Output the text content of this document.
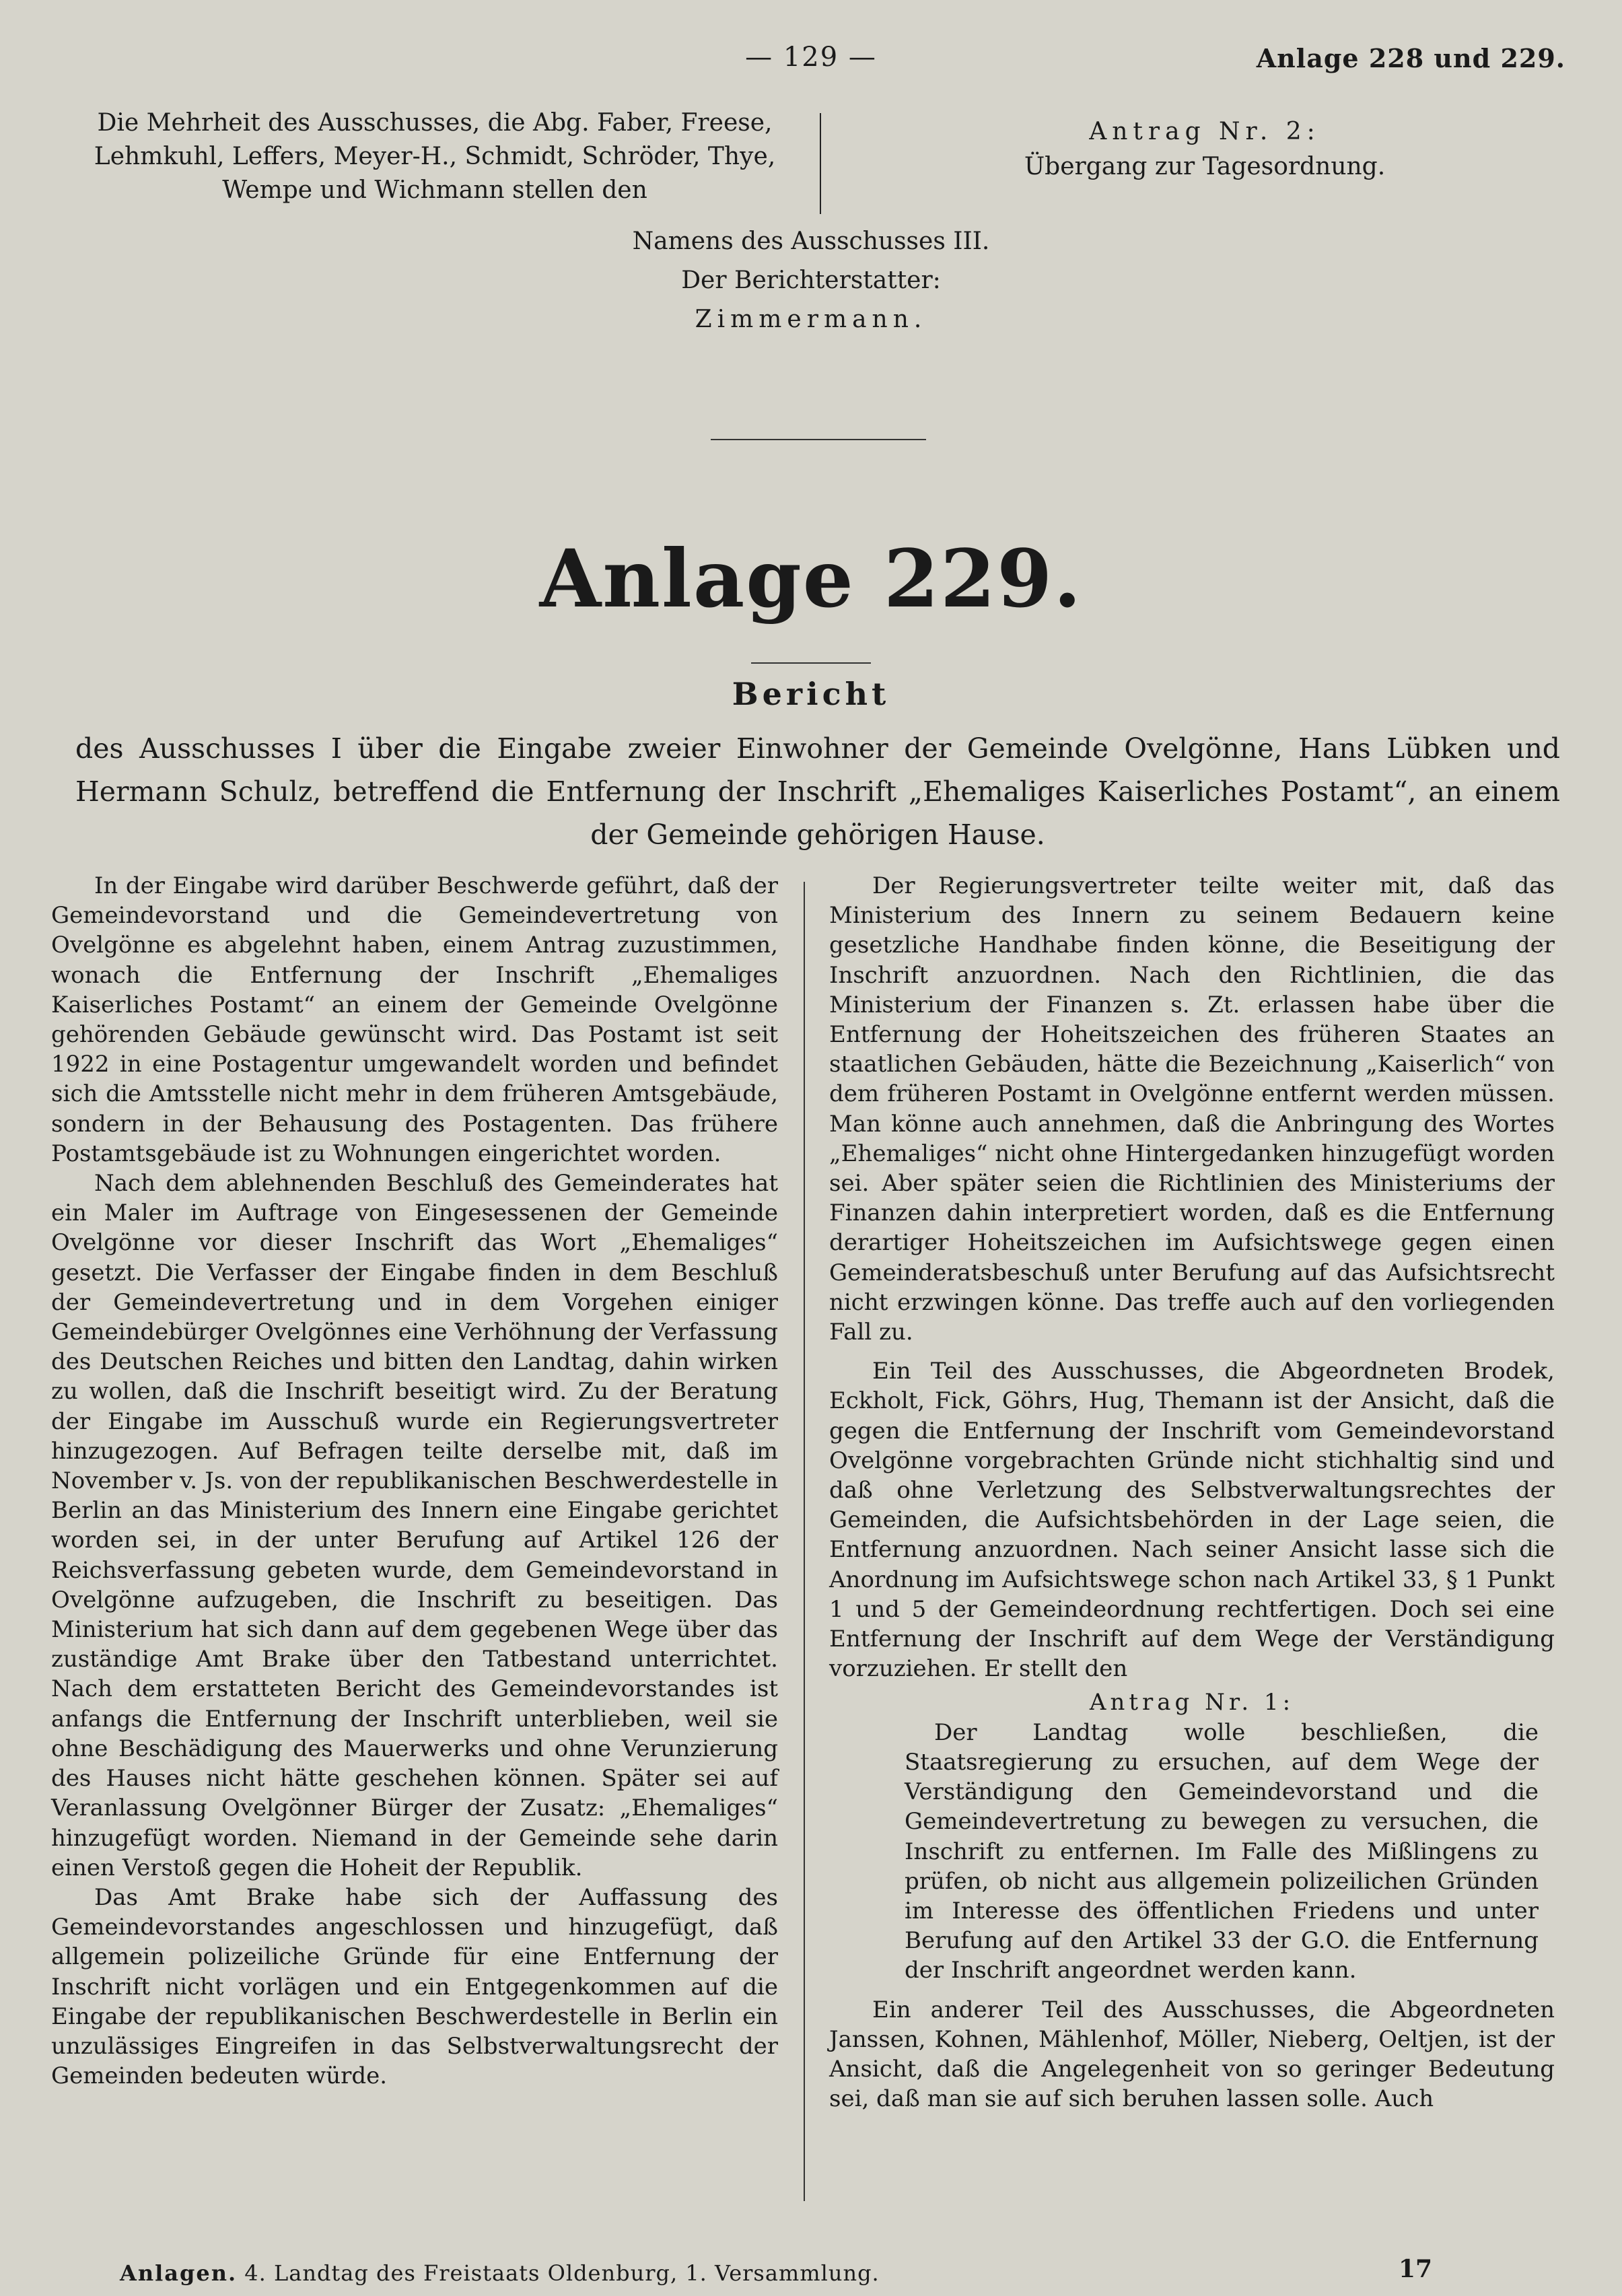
— 129 —	Anlage 228 und 229.
Die Mehrheit des Ausschusses, die Abg. Faber, Freese, Lehmkuhl, Leffers, Meyer-H., Schmidt, Schröder, Thye, Wempe und Wichmann stellen den
Antrag Nr. 2:
Übergang zur Tagesordnung.
Namens des Ausschusses III.
Der Berichterstatter:
Zimmermann.
Anlage 229.
Bericht
des Ausschusses I über die Eingabe zweier Einwohner der Gemeinde Ovelgönne, Hans Lübken und Hermann Schulz, betreffend die Entfernung der Inschrift „Ehemaliges Kaiserliches Postamt“, an einem der Gemeinde gehörigen Hause.

In der Eingabe wird darüber Beschwerde geführt, daß der Gemeindevorstand und die Gemeindevertretung von Ovelgönne es abgelehnt haben, einem Antrag zuzustimmen, wonach die Entfernung der Inschrift „Ehemaliges Kaiserliches Postamt“ an einem der Gemeinde Ovelgönne gehörenden Gebäude gewünscht wird. Das Postamt ist seit 1922 in eine Postagentur umgewandelt worden und befindet sich die Amtsstelle nicht mehr in dem früheren Amtsgebäude, sondern in der Behausung des Postagenten. Das frühere Postamtsgebäude ist zu Wohnungen eingerichtet worden.

Nach dem ablehnenden Beschluß des Gemeinderates hat ein Maler im Auftrage von Eingesessenen der Gemeinde Ovelgönne vor dieser Inschrift das Wort „Ehemaliges“ gesetzt. Die Verfasser der Eingabe finden in dem Beschluß der Gemeindevertretung und in dem Vorgehen einiger Gemeindebürger Ovelgönnes eine Verhöhnung der Verfassung des Deutschen Reiches und bitten den Landtag, dahin wirken zu wollen, daß die Inschrift beseitigt wird. Zu der Beratung der Eingabe im Ausschuß wurde ein Regierungsvertreter hinzugezogen. Auf Befragen teilte derselbe mit, daß im November v. Js. von der republikanischen Beschwerdestelle in Berlin an das Ministerium des Innern eine Eingabe gerichtet worden sei, in der unter Berufung auf Artikel 126 der Reichsverfassung gebeten wurde, dem Gemeindevorstand in Ovelgönne aufzugeben, die Inschrift zu beseitigen. Das Ministerium hat sich dann auf dem gegebenen Wege über das zuständige Amt Brake über den Tatbestand unterrichtet. Nach dem erstatteten Bericht des Gemeindevorstandes ist anfangs die Entfernung der Inschrift unterblieben, weil sie ohne Beschädigung des Mauerwerks und ohne Verunzierung des Hauses nicht hätte geschehen können. Später sei auf Veranlassung Ovelgönner Bürger der Zusatz: „Ehemaliges“ hinzugefügt worden. Niemand in der Gemeinde sehe darin einen Verstoß gegen die Hoheit der Republik.

Das Amt Brake habe sich der Auffassung des Gemeindevorstandes angeschlossen und hinzugefügt, daß allgemein polizeiliche Gründe für eine Entfernung der Inschrift nicht vorlägen und ein Entgegenkommen auf die Eingabe der republikanischen Beschwerdestelle in Berlin ein unzulässiges Eingreifen in das Selbstverwaltungsrecht der Gemeinden bedeuten würde.

Der Regierungsvertreter teilte weiter mit, daß das Ministerium des Innern zu seinem Bedauern keine gesetzliche Handhabe finden könne, die Beseitigung der Inschrift anzuordnen. Nach den Richtlinien, die das Ministerium der Finanzen s. Zt. erlassen habe über die Entfernung der Hoheitszeichen des früheren Staates an staatlichen Gebäuden, hätte die Bezeichnung „Kaiserlich“ von dem früheren Postamt in Ovelgönne entfernt werden müssen. Man könne auch annehmen, daß die Anbringung des Wortes „Ehemaliges“ nicht ohne Hintergedanken hinzugefügt worden sei. Aber später seien die Richtlinien des Ministeriums der Finanzen dahin interpretiert worden, daß es die Entfernung derartiger Hoheitszeichen im Aufsichtswege gegen einen Gemeinderatsbeschuß unter Berufung auf das Aufsichtsrecht nicht erzwingen könne. Das treffe auch auf den vorliegenden Fall zu.

Ein Teil des Ausschusses, die Abgeordneten Brodek, Eckholt, Fick, Göhrs, Hug, Themann ist der Ansicht, daß die gegen die Entfernung der Inschrift vom Gemeindevorstand Ovelgönne vorgebrachten Gründe nicht stichhaltig sind und daß ohne Verletzung des Selbstverwaltungsrechtes der Gemeinden, die Aufsichtsbehörden in der Lage seien, die Entfernung anzuordnen. Nach seiner Ansicht lasse sich die Anordnung im Aufsichtswege schon nach Artikel 33, § 1 Punkt 1 und 5 der Gemeindeordnung rechtfertigen. Doch sei eine Entfernung der Inschrift auf dem Wege der Verständigung vorzuziehen. Er stellt den

Antrag Nr. 1:

Der Landtag wolle beschließen, die Staatsregierung zu ersuchen, auf dem Wege der Verständigung den Gemeindevorstand und die Gemeindevertretung zu bewegen zu versuchen, die Inschrift zu entfernen. Im Falle des Mißlingens zu prüfen, ob nicht aus allgemein polizeilichen Gründen im Interesse des öffentlichen Friedens und unter Berufung auf den Artikel 33 der G.O. die Entfernung der Inschrift angeordnet werden kann.

Ein anderer Teil des Ausschusses, die Abgeordneten Janssen, Kohnen, Mählenhof, Möller, Nieberg, Oeltjen, ist der Ansicht, daß die Angelegenheit von so geringer Bedeutung sei, daß man sie auf sich beruhen lassen solle. Auch

Anlagen. 4. Landtag des Freistaats Oldenburg, 1. Versammlung.	17
